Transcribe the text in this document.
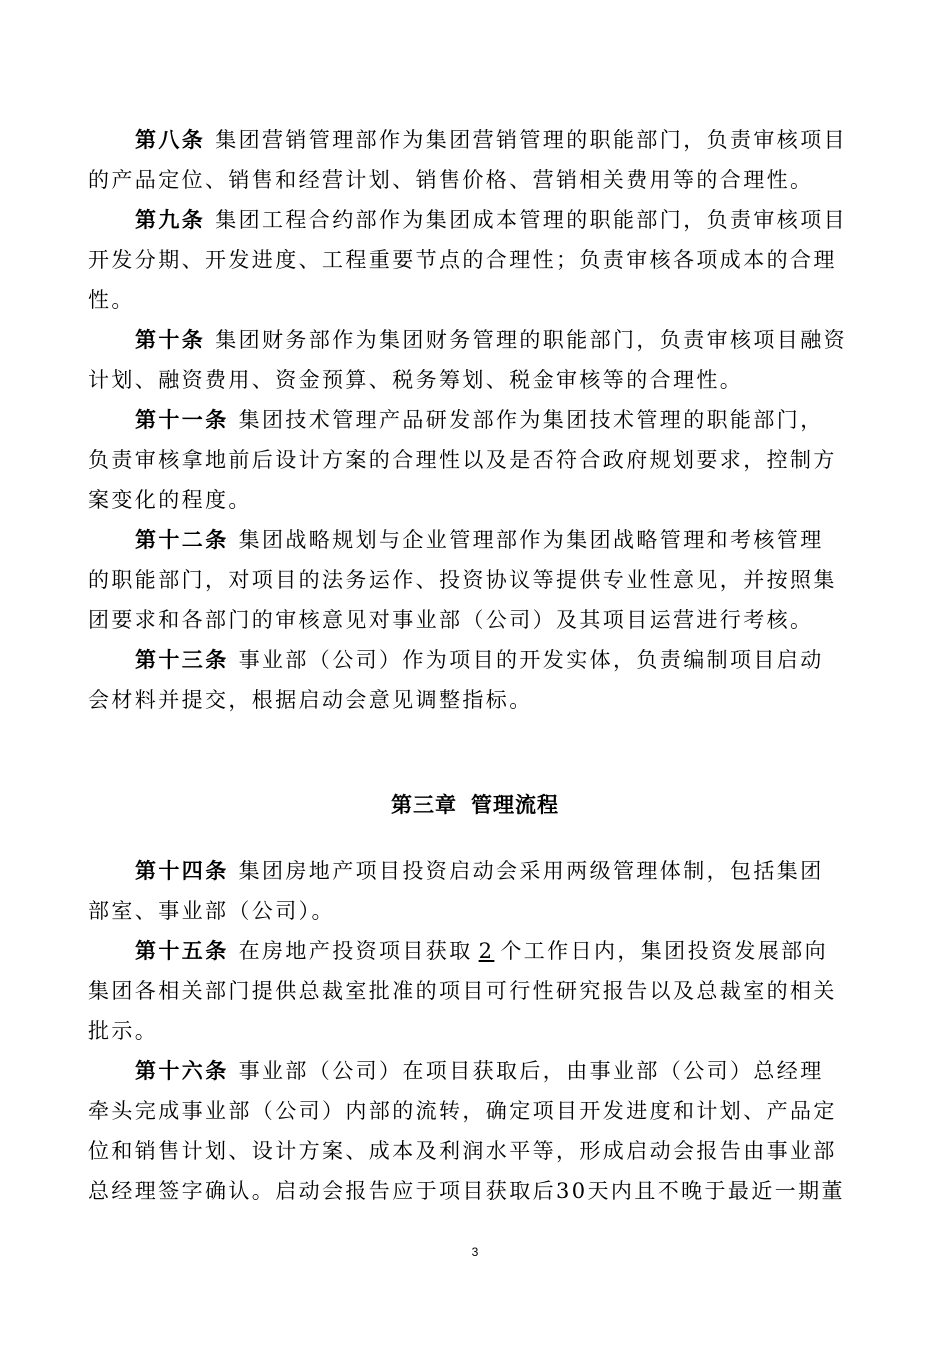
第八条 集团营销管理部作为集团营销管理的职能部门，负责审核项目
的产品定位、销售和经营计划、销售价格、营销相关费用等的合理性。
第九条 集团工程合约部作为集团成本管理的职能部门，负责审核项目
开发分期、开发进度、工程重要节点的合理性；负责审核各项成本的合理
性。
第十条 集团财务部作为集团财务管理的职能部门，负责审核项目融资
计划、融资费用、资金预算、税务筹划、税金审核等的合理性。
第十一条 集团技术管理产品研发部作为集团技术管理的职能部门，
负责审核拿地前后设计方案的合理性以及是否符合政府规划要求，控制方
案变化的程度。
第十二条 集团战略规划与企业管理部作为集团战略管理和考核管理
的职能部门，对项目的法务运作、投资协议等提供专业性意见，并按照集
团要求和各部门的审核意见对事业部（公司）及其项目运营进行考核。
第十三条 事业部（公司）作为项目的开发实体，负责编制项目启动
会材料并提交，根据启动会意见调整指标。
第三章 管理流程
第十四条 集团房地产项目投资启动会采用两级管理体制，包括集团
部室、事业部（公司）。
第十五条 在房地产投资项目获取 2 个工作日内，集团投资发展部向
集团各相关部门提供总裁室批准的项目可行性研究报告以及总裁室的相关
批示。
第十六条 事业部（公司）在项目获取后，由事业部（公司）总经理
牵头完成事业部（公司）内部的流转，确定项目开发进度和计划、产品定
位和销售计划、设计方案、成本及利润水平等，形成启动会报告由事业部
总经理签字确认。启动会报告应于项目获取后30天内且不晚于最近一期董
3
